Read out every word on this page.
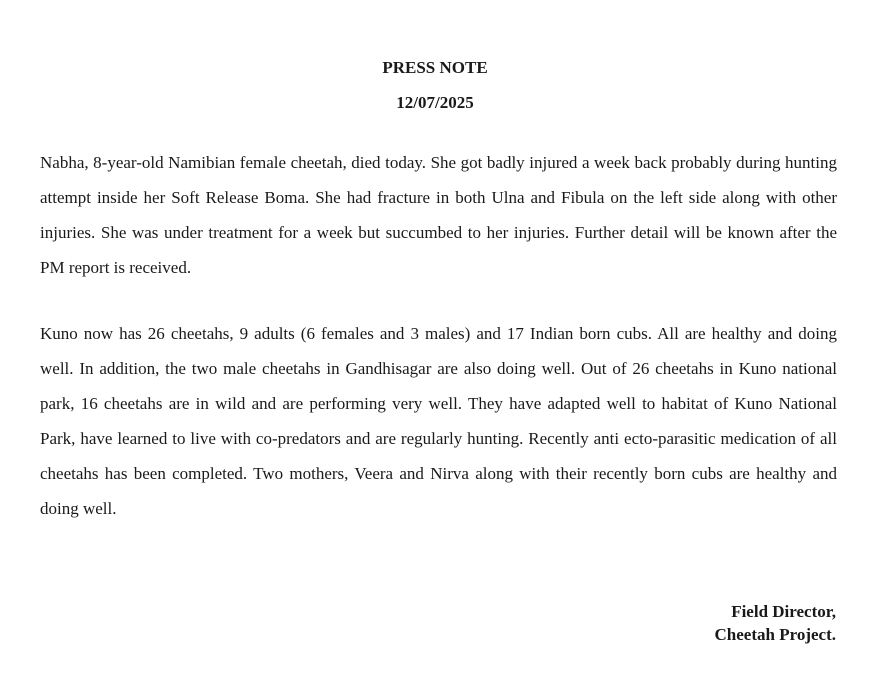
PRESS NOTE
12/07/2025

Nabha, 8-year-old Namibian female cheetah, died today. She got badly injured a week back probably during hunting attempt inside her Soft Release Boma. She had fracture in both Ulna and Fibula on the left side along with other injuries. She was under treatment for a week but succumbed to her injuries. Further detail will be known after the PM report is received.

Kuno now has 26 cheetahs, 9 adults (6 females and 3 males) and 17 Indian born cubs. All are healthy and doing well. In addition, the two male cheetahs in Gandhisagar are also doing well. Out of 26 cheetahs in Kuno national park, 16 cheetahs are in wild and are performing very well. They have adapted well to habitat of Kuno National Park, have learned to live with co-predators and are regularly hunting. Recently anti ecto-parasitic medication of all cheetahs has been completed. Two mothers, Veera and Nirva along with their recently born cubs are healthy and doing well.

Field Director,
Cheetah Project.
